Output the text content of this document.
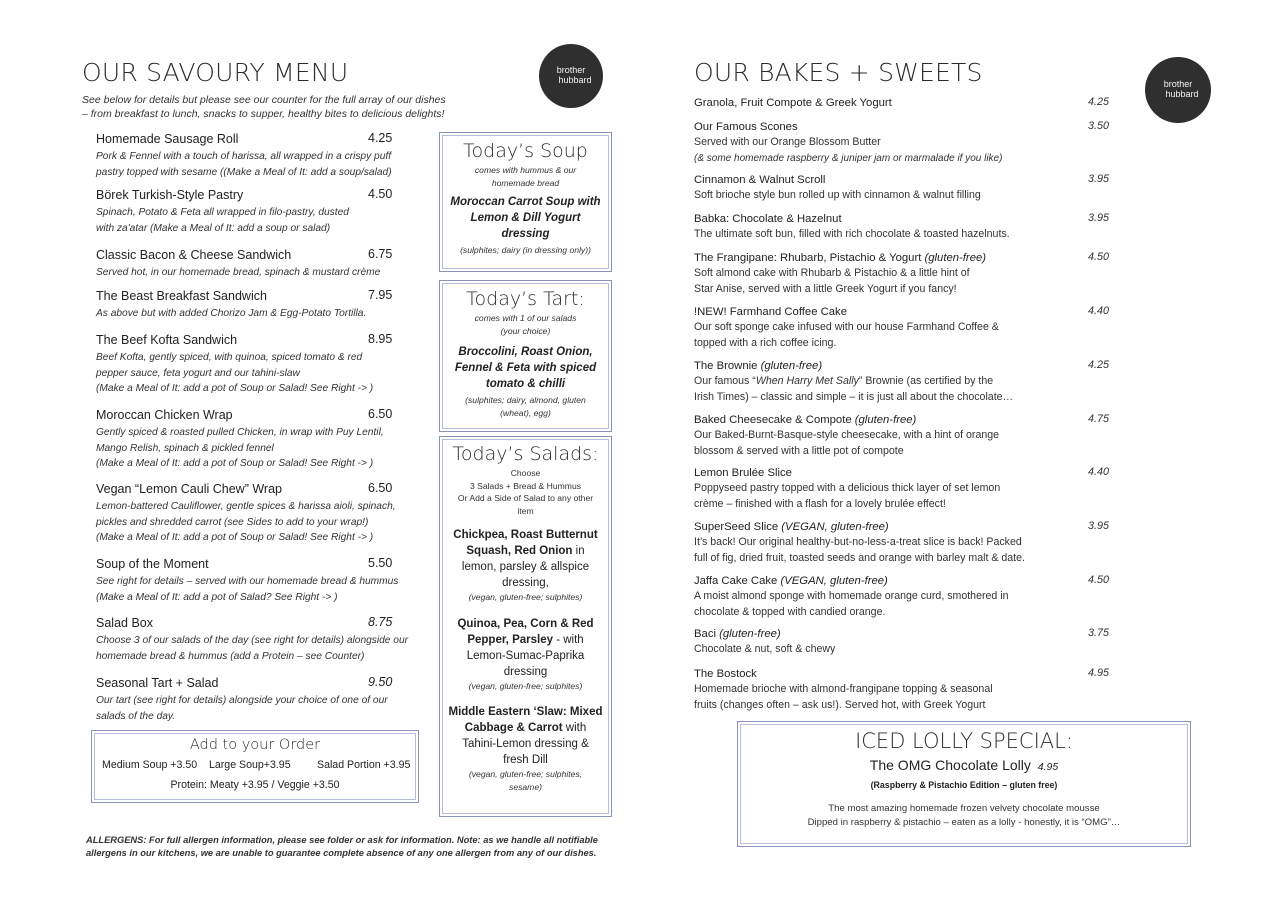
OUR SAVOURY MENU	brother
hubbard
See below for details but please see our counter for the full array of our dishes
– from breakfast to lunch, snacks to supper, healthy bites to delicious delights!
Homemade Sausage Roll	4.25
Pork & Fennel with a touch of harissa, all wrapped in a crispy puff
pastry topped with sesame ((Make a Meal of It: add a soup/salad)
Börek Turkish-Style Pastry	4.50
Spinach, Potato & Feta all wrapped in filo-pastry, dusted
with za'atar (Make a Meal of It: add a soup or salad)
Classic Bacon & Cheese Sandwich	6.75
Served hot, in our homemade bread, spinach & mustard crème
The Beast Breakfast Sandwich	7.95
As above but with added Chorizo Jam & Egg-Potato Tortilla.
The Beef Kofta Sandwich	8.95
Beef Kofta, gently spiced, with quinoa, spiced tomato & red
pepper sauce, feta yogurt and our tahini-slaw
(Make a Meal of It: add a pot of Soup or Salad! See Right -> )
Moroccan Chicken Wrap	6.50
Gently spiced & roasted pulled Chicken, in wrap with Puy Lentil,
Mango Relish, spinach & pickled fennel
(Make a Meal of It: add a pot of Soup or Salad! See Right -> )
Vegan “Lemon Cauli Chew” Wrap	6.50
Lemon-battered Cauliflower, gentle spices & harissa aioli, spinach,
pickles and shredded carrot (see Sides to add to your wrap!)
(Make a Meal of It: add a pot of Soup or Salad! See Right -> )
Soup of the Moment	5.50
See right for details – served with our homemade bread & hummus
(Make a Meal of It: add a pot of Salad? See Right -> )
Salad Box	8.75
Choose 3 of our salads of the day (see right for details) alongside our
homemade bread & hummus (add a Protein – see Counter)
Seasonal Tart + Salad	9.50
Our tart (see right for details) alongside your choice of one of our
salads of the day.
Add to your Order
Medium Soup +3.50 Large Soup+3.95 Salad Portion +3.95
Protein: Meaty +3.95 / Veggie +3.50
ALLERGENS: For full allergen information, please see folder or ask for information. Note: as we handle all notifiable
allergens in our kitchens, we are unable to guarantee complete absence of any one allergen from any of our dishes.
Today’s Soup
comes with hummus & our
homemade bread
Moroccan Carrot Soup with
Lemon & Dill Yogurt
dressing
(sulphites; dairy (in dressing only))
Today’s Tart:
comes with 1 of our salads
(your choice)
Broccolini, Roast Onion,
Fennel & Feta with spiced
tomato & chilli
(sulphites; dairy, almond, gluten
(wheat), egg)
Today’s Salads:
Choose
3 Salads + Bread & Hummus
Or Add a Side of Salad to any other
item
Chickpea, Roast Butternut
Squash, Red Onion in
lemon, parsley & allspice
dressing,
(vegan, gluten-free; sulphites)
Quinoa, Pea, Corn & Red
Pepper, Parsley - with
Lemon-Sumac-Paprika
dressing
(vegan, gluten-free; sulphites)
Middle Eastern ‘Slaw: Mixed
Cabbage & Carrot with
Tahini-Lemon dressing &
fresh Dill
(vegan, gluten-free; sulphites,
sesame)
OUR BAKES + SWEETS	brother
hubbard
Granola, Fruit Compote & Greek Yogurt	4.25
Our Famous Scones	3.50
Served with our Orange Blossom Butter
(& some homemade raspberry & juniper jam or marmalade if you like)
Cinnamon & Walnut Scroll	3.95
Soft brioche style bun rolled up with cinnamon & walnut filling
Babka: Chocolate & Hazelnut	3.95
The ultimate soft bun, filled with rich chocolate & toasted hazelnuts.
The Frangipane: Rhubarb, Pistachio & Yogurt (gluten-free)	4.50
Soft almond cake with Rhubarb & Pistachio & a little hint of
Star Anise, served with a little Greek Yogurt if you fancy!
!NEW! Farmhand Coffee Cake	4.40
Our soft sponge cake infused with our house Farmhand Coffee &
topped with a rich coffee icing.
The Brownie (gluten-free)	4.25
Our famous “When Harry Met Sally” Brownie (as certified by the
Irish Times) – classic and simple – it is just all about the chocolate…
Baked Cheesecake & Compote (gluten-free)	4.75
Our Baked-Burnt-Basque-style cheesecake, with a hint of orange
blossom & served with a little pot of compote
Lemon Brulée Slice	4.40
Poppyseed pastry topped with a delicious thick layer of set lemon
crème – finished with a flash for a lovely brulée effect!
SuperSeed Slice (VEGAN, gluten-free)	3.95
It’s back! Our original healthy-but-no-less-a-treat slice is back! Packed
full of fig, dried fruit, toasted seeds and orange with barley malt & date.
Jaffa Cake Cake (VEGAN, gluten-free)	4.50
A moist almond sponge with homemade orange curd, smothered in
chocolate & topped with candied orange.
Baci (gluten-free)	3.75
Chocolate & nut, soft & chewy
The Bostock	4.95
Homemade brioche with almond-frangipane topping & seasonal
fruits (changes often – ask us!). Served hot, with Greek Yogurt
ICED LOLLY SPECIAL:
The OMG Chocolate Lolly 4.95
(Raspberry & Pistachio Edition – gluten free)
The most amazing homemade frozen velvety chocolate mousse
Dipped in raspberry & pistachio – eaten as a lolly - honestly, it is “OMG”…
